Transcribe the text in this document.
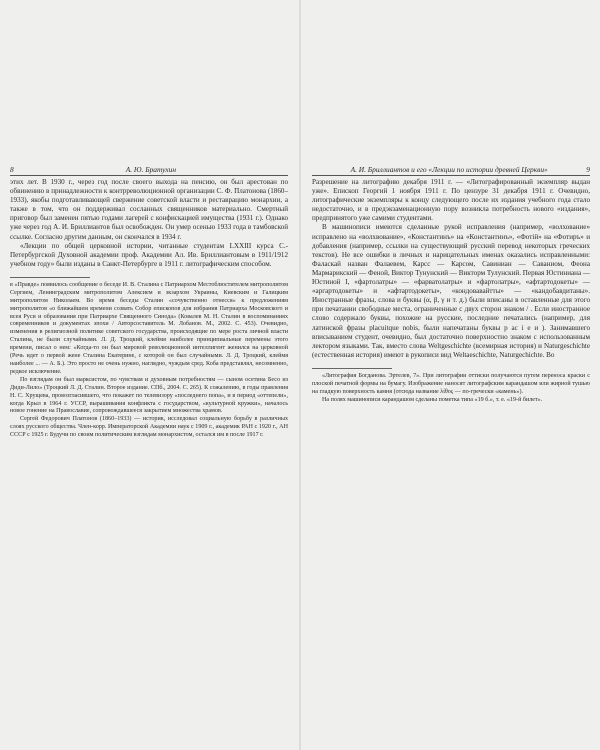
8	А. Ю. Братухин

этих лет. В 1930 г., через год после своего выхода на пенсию, он был арестован по обвинению в принадлежности к контрреволюционной организации С. Ф. Платонова (1860–1933), якобы подготавливающей свержение советской власти и реставрацию монархии, а также в том, что он поддерживал сосланных священников материально. Смертный приговор был заменен пятью годами лагерей с конфискацией имущества (1931 г.). Однако уже через год А. И. Бриллиантов был освобожден. Он умер осенью 1933 года в тамбовской ссылке. Согласно другим данным, он скончался в 1934 г.

«Лекции по общей церковной истории, читанные студентам LXXIII курса С.-Петербургской Духовной академии проф. Академии Ал. Ив. Бриллиантовым в 1911/1912 учебном году» были изданы в Санкт-Петербурге в 1911 г. литографическим способом.

в «Правде» появилось сообщение о беседе И. В. Сталина с Патриархом Местоблюстителем митрополитом Сергием, Ленинградским митрополитом Алексием и экзархом Украины, Киевским и Галицким митрополитом Николаем. Во время беседы Сталин «сочувственно отнесся» к предложениям митрополитов «о ближайшем времени созвать Собор епископов для избрания Патриарха Московского и всея Руси и образования при Патриархе Священного Синода» (Ковалев М. Н. Сталин в воспоминаниях современников и документах эпохи / Авторсоставитель М. Лобанов. М., 2002. С. 453). Очевидно, изменения в религиозной политике советского государства, происходящие по мере роста личной власти Сталина, не были случайными. Л. Д. Троцкий, клеймя наиболее принципиальные перемены этого времени, писал о нем: «Когда-то он был мировой революционной интеллигент женился на церковной (Речь идет о первой жене Сталина Екатерине, с которой он был случайными. Л. Д. Троцкий, клеймя наиболее ... — А. Б.). Это просто не очень нужно, наглядно, чуждым сред. Коба представлял, несомненно, редкое исключение.

По взглядам он был марксистом, по чувствам и духовным потребностям — сыном осетина Бесо из Диди-Лило» (Троцкий Л. Д. Сталин. Второе издание. СПб., 2004. С. 265). К сожалению, в годы правления Н. С. Хрущева, провозгласившего, что покажет по телевизору «последнего попа», и в период «оттепели», когда Крыл в 1964 г. УССР, вырашивания конфликта с государством, «культурной кружки», началось новое гонение на Православие, сопровождавшееся закрытием множества храмов.

Сергей Федорович Платонов (1860–1933) — историк, исследовал социальную борьбу в различных слоях русского общества. Член-корр. Императорской Академии наук с 1909 г., академик РАН с 1920 г., АН СССР с 1925 г. Будучи по своим политическим взглядам монархистом, остался им в после 1917 г.

А. И. Бриллиантов и его «Лекции по истории древней Церкви»	9

Разрешение на литографию декабря 1911 г. — «Литографированный экземпляр выдан уже». Епископ Георгий 1 ноября 1911 г. По цензуре 31 декабря 1911 г. Очевидно, литографические экземпляры к концу следующего после их издания учебного года стало недостаточно, и в предэкзаменационную пору возникла потребность нового «издания», предпринятого уже самими студентами.

В машинописи имеются сделанные рукой исправления (например, «волхование» исправлено на «волхвование», «Константинъ» на «Константинъ», «Фотій» на «Фотиръ» и добавления (например, ссылки на существующий русский перевод некоторых греческих текстов). Не все ошибки в личных и нарицательных именах оказались исправленными: Фаласкай назван Фалаевем, Карсс — Карсом, Савиниан — Саваниом, Феона Мармарикский — Феной, Виктор Тунунский — Викторм Тулунский. Первая Юстиниана — Юстиной I, «фартолатры» — «фарватолатры» и «фартолатры», «афтартодокеты» — «аргартодокеты» и «афтартодокеты», «кондовавайтты» — «кандобавдитаны». Иностранные фразы, слова и буквы (α, β, γ и т. д.) были вписаны в оставленные для этого при печатании свободные места, ограниченные с двух сторон знаком / . Если иностранное слово содержало буквы, похожие на русские, последние печатались (например, для латинской фразы placuitque nobis, были напечатаны буквы р ас і е и ). Занимавшего вписыванием студент, очевидно, был достаточно поверхностно знаком с использованным лектором языками. Так, вместо слова Weltgeschichte (всемирная история) и Naturgeschichte (естественная история) имеют в рукописи вид Weltaeschichte, Naturgechichte. Во

«Литография Богданова. Эртелев, 7». При литографии оттиски получаются путем переноса краски с плоской печатной формы на бумагу. Изображение наносят литографским карандашом или жирной тушью на гладкую поверхность камня (отсюда название λίθος — по-гречески «камень»).

На полях машинописи карандашом сделаны пометка типа «19 б.», т. е. «19-й билет».
